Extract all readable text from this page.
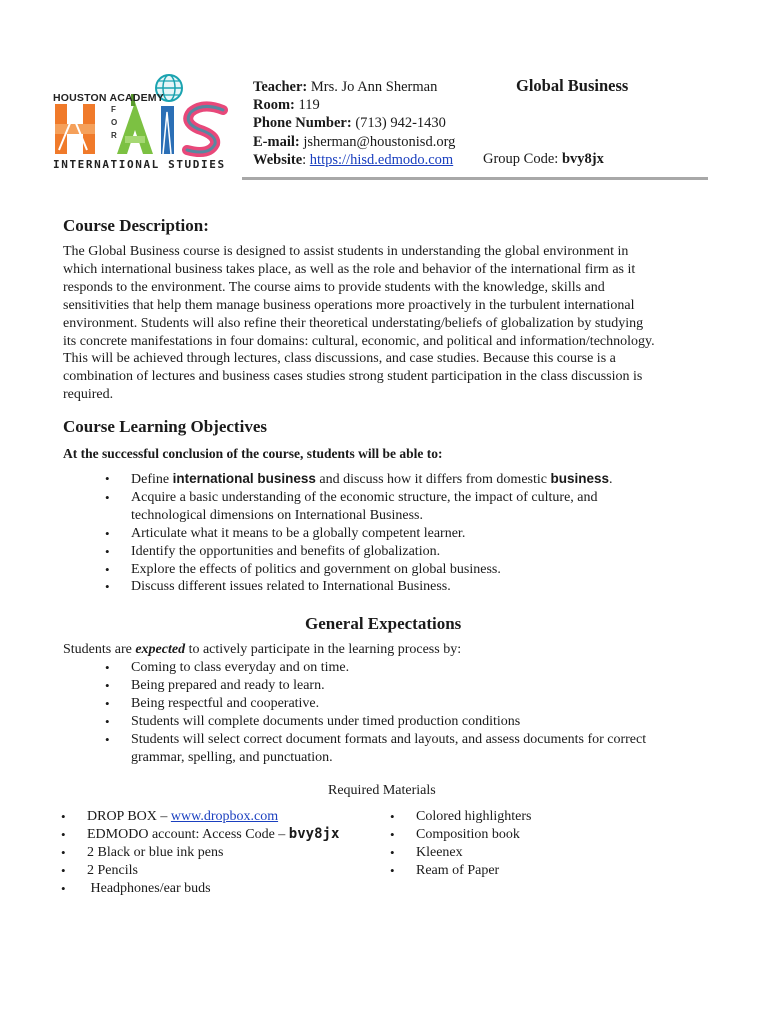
HOUSTON ACADEMY
F
O
R
INTERNATIONAL STUDIES
Teacher: Mrs. Jo Ann Sherman
Room: 119
Phone Number: (713) 942-1430
E-mail: jsherman@houstonisd.org
Website: https://hisd.edmodo.com
Global Business
Group Code: bvy8jx
Course Description:
The Global Business course is designed to assist students in understanding the global environment in
which international business takes place, as well as the role and behavior of the international firm as it
responds to the environment. The course aims to provide students with the knowledge, skills and
sensitivities that help them manage business operations more proactively in the turbulent international
environment. Students will also refine their theoretical understating/beliefs of globalization by studying
its concrete manifestations in four domains: cultural, economic, and political and information/technology.
This will be achieved through lectures, class discussions, and case studies. Because this course is a
combination of lectures and business cases studies strong student participation in the class discussion is
required.
Course Learning Objectives
At the successful conclusion of the course, students will be able to:
• Define international business and discuss how it differs from domestic business.
• Acquire a basic understanding of the economic structure, the impact of culture, and
technological dimensions on International Business.
• Articulate what it means to be a globally competent learner.
• Identify the opportunities and benefits of globalization.
• Explore the effects of politics and government on global business.
• Discuss different issues related to International Business.
General Expectations
Students are expected to actively participate in the learning process by:
• Coming to class everyday and on time.
• Being prepared and ready to learn.
• Being respectful and cooperative.
• Students will complete documents under timed production conditions
• Students will select correct document formats and layouts, and assess documents for correct
grammar, spelling, and punctuation.
Required Materials
• DROP BOX – www.dropbox.com
• EDMODO account: Access Code – bvy8jx
• 2 Black or blue ink pens
• 2 Pencils
• Headphones/ear buds
• Colored highlighters
• Composition book
• Kleenex
• Ream of Paper
